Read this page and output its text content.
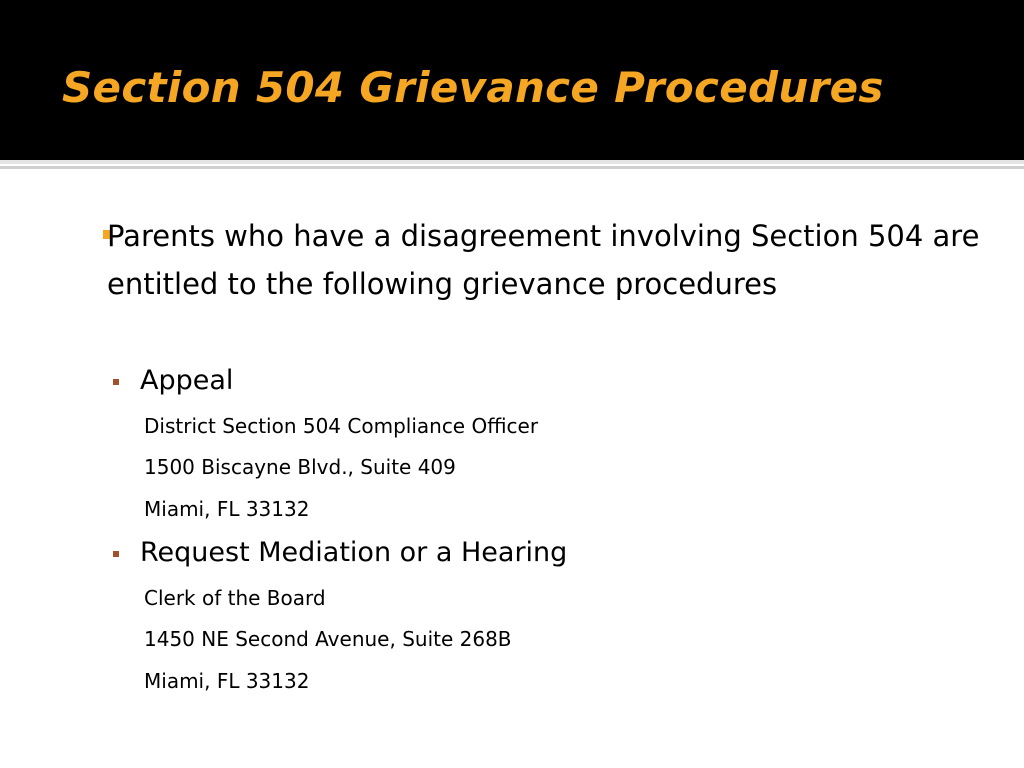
Section 504 Grievance Procedures
Parents who have a disagreement involving Section 504 are entitled to the following grievance procedures
Appeal
District Section 504 Compliance Officer
1500 Biscayne Blvd., Suite 409
Miami, FL 33132
Request Mediation or a Hearing
Clerk of the Board
1450 NE Second Avenue, Suite 268B
Miami, FL 33132
